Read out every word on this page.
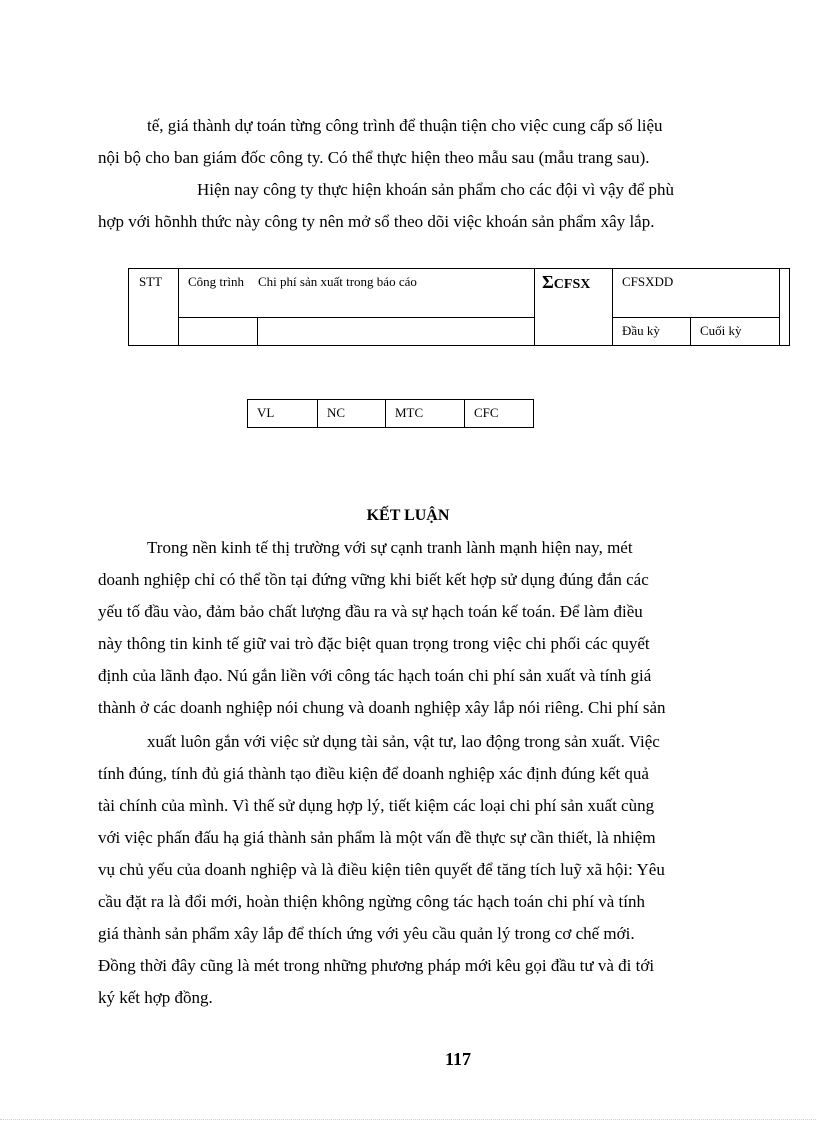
tế, giá thành dự toán từng công trình để thuận tiện cho việc cung cấp số liệu
nội bộ cho ban giám đốc công ty. Có thể thực hiện theo mẫu sau (mẫu trang sau).
Hiện nay công ty thực hiện khoán sản phẩm cho các đội vì vậy để phù
hợp với hõnhh thức này công ty nên mở sổ theo dõi việc khoán sản phẩm xây lắp.
STT	Công trình	Chi phí sản xuất trong báo cáo	ΣCFSX	CFSXDD
Đầu kỳ	Cuối kỳ
VL	NC	MTC	CFC
KẾT LUẬN
Trong nền kinh tế thị trường với sự cạnh tranh lành mạnh hiện nay, mét
doanh nghiệp chỉ có thể tồn tại đứng vững khi biết kết hợp sử dụng đúng đắn các
yếu tố đầu vào, đảm bảo chất lượng đầu ra và sự hạch toán kế toán. Để làm điều
này thông tin kinh tế giữ vai trò đặc biệt quan trọng trong việc chi phối các quyết
định của lãnh đạo. Nú gắn liền với công tác hạch toán chi phí sản xuất và tính giá
thành ở các doanh nghiệp nói chung và doanh nghiệp xây lắp nói riêng. Chi phí sản
xuất luôn gắn với việc sử dụng tài sản, vật tư, lao động trong sản xuất. Việc
tính đúng, tính đủ giá thành tạo điều kiện để doanh nghiệp xác định đúng kết quả
tài chính của mình. Vì thế sử dụng hợp lý, tiết kiệm các loại chi phí sản xuất cùng
với việc phấn đấu hạ giá thành sản phẩm là một vấn đề thực sự cần thiết, là nhiệm
vụ chủ yếu của doanh nghiệp và là điều kiện tiên quyết để tăng tích luỹ xã hội: Yêu
cầu đặt ra là đổi mới, hoàn thiện không ngừng công tác hạch toán chi phí và tính
giá thành sản phẩm xây lắp để thích ứng với yêu cầu quản lý trong cơ chế mới.
Đồng thời đây cũng là mét trong những phương pháp mới kêu gọi đầu tư và đi tới
ký kết hợp đồng.
117
